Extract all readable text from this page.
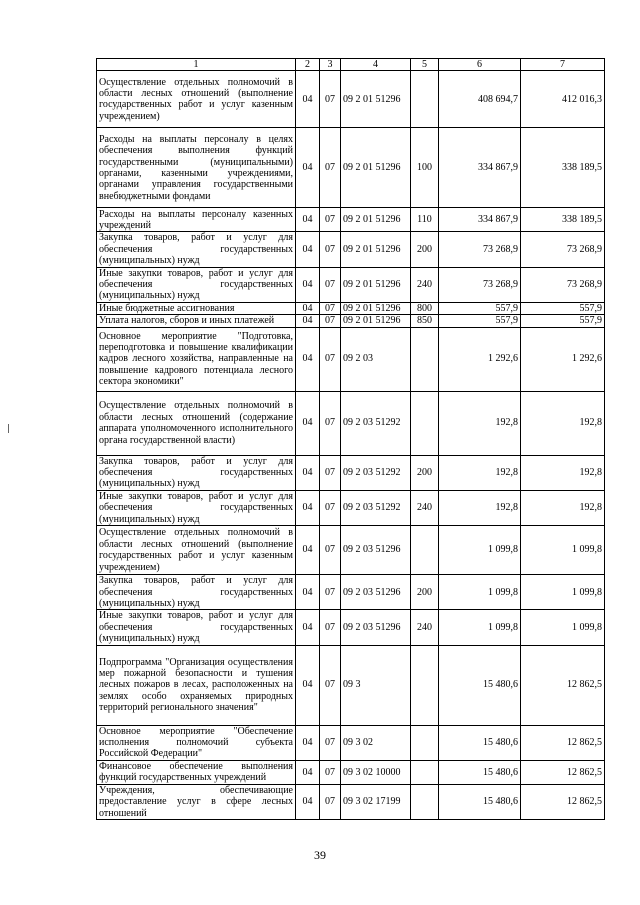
1	2	3	4	5	6	7
Осуществление отдельных полномочий в области лесных отношений (выполнение государственных работ и услуг казенным учреждением)	04	07	09 2 01 51296		408 694,7	412 016,3
Расходы на выплаты персоналу в целях обеспечения выполнения функций государственными (муниципальными) органами, казенными учреждениями, органами управления государственными внебюджетными фондами	04	07	09 2 01 51296	100	334 867,9	338 189,5
Расходы на выплаты персоналу казенных учреждений	04	07	09 2 01 51296	110	334 867,9	338 189,5
Закупка товаров, работ и услуг для обеспечения государственных (муниципальных) нужд	04	07	09 2 01 51296	200	73 268,9	73 268,9
Иные закупки товаров, работ и услуг для обеспечения государственных (муниципальных) нужд	04	07	09 2 01 51296	240	73 268,9	73 268,9
Иные бюджетные ассигнования	04	07	09 2 01 51296	800	557,9	557,9
Уплата налогов, сборов и иных платежей	04	07	09 2 01 51296	850	557,9	557,9
Основное мероприятие "Подготовка, переподготовка и повышение квалификации кадров лесного хозяйства, направленные на повышение кадрового потенциала лесного сектора экономики"	04	07	09 2 03		1 292,6	1 292,6
Осуществление отдельных полномочий в области лесных отношений (содержание аппарата уполномоченного исполнительного органа государственной власти)	04	07	09 2 03 51292		192,8	192,8
Закупка товаров, работ и услуг для обеспечения государственных (муниципальных) нужд	04	07	09 2 03 51292	200	192,8	192,8
Иные закупки товаров, работ и услуг для обеспечения государственных (муниципальных) нужд	04	07	09 2 03 51292	240	192,8	192,8
Осуществление отдельных полномочий в области лесных отношений (выполнение государственных работ и услуг казенным учреждением)	04	07	09 2 03 51296		1 099,8	1 099,8
Закупка товаров, работ и услуг для обеспечения государственных (муниципальных) нужд	04	07	09 2 03 51296	200	1 099,8	1 099,8
Иные закупки товаров, работ и услуг для обеспечения государственных (муниципальных) нужд	04	07	09 2 03 51296	240	1 099,8	1 099,8
Подпрограмма "Организация осуществления мер пожарной безопасности и тушения лесных пожаров в лесах, расположенных на землях особо охраняемых природных территорий регионального значения"	04	07	09 3		15 480,6	12 862,5
Основное мероприятие "Обеспечение исполнения полномочий субъекта Российской Федерации"	04	07	09 3 02		15 480,6	12 862,5
Финансовое обеспечение выполнения функций государственных учреждений	04	07	09 3 02 10000		15 480,6	12 862,5
Учреждения, обеспечивающие предоставление услуг в сфере лесных отношений	04	07	09 3 02 17199		15 480,6	12 862,5
39
